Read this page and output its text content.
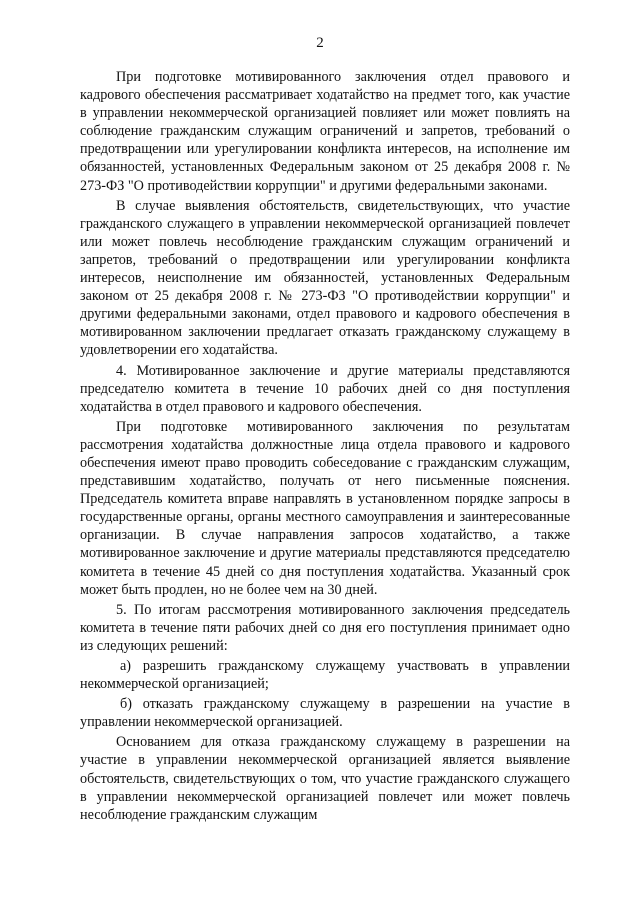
2

При подготовке мотивированного заключения отдел правового и кадрового обеспечения рассматривает ходатайство на предмет того, как участие в управлении некоммерческой организацией повлияет или может повлиять на соблюдение гражданским служащим ограничений и запретов, требований о предотвращении или урегулировании конфликта интересов, на исполнение им обязанностей, установленных Федеральным законом от 25 декабря 2008 г. № 273-ФЗ "О противодействии коррупции" и другими федеральными законами.

В случае выявления обстоятельств, свидетельствующих, что участие гражданского служащего в управлении некоммерческой организацией повлечет или может повлечь несоблюдение гражданским служащим ограничений и запретов, требований о предотвращении или урегулировании конфликта интересов, неисполнение им обязанностей, установленных Федеральным законом от 25 декабря 2008 г. № 273-ФЗ "О противодействии коррупции" и другими федеральными законами, отдел правового и кадрового обеспечения в мотивированном заключении предлагает отказать гражданскому служащему в удовлетворении его ходатайства.

4. Мотивированное заключение и другие материалы представляются председателю комитета в течение 10 рабочих дней со дня поступления ходатайства в отдел правового и кадрового обеспечения.

При подготовке мотивированного заключения по результатам рассмотрения ходатайства должностные лица отдела правового и кадрового обеспечения имеют право проводить собеседование с гражданским служащим, представившим ходатайство, получать от него письменные пояснения. Председатель комитета вправе направлять в установленном порядке запросы в государственные органы, органы местного самоуправления и заинтересованные организации. В случае направления запросов ходатайство, а также мотивированное заключение и другие материалы представляются председателю комитета в течение 45 дней со дня поступления ходатайства. Указанный срок может быть продлен, но не более чем на 30 дней.

5. По итогам рассмотрения мотивированного заключения председатель комитета в течение пяти рабочих дней со дня его поступления принимает одно из следующих решений:

а) разрешить гражданскому служащему участвовать в управлении некоммерческой организацией;

б) отказать гражданскому служащему в разрешении на участие в управлении некоммерческой организацией.

Основанием для отказа гражданскому служащему в разрешении на участие в управлении некоммерческой организацией является выявление обстоятельств, свидетельствующих о том, что участие гражданского служащего в управлении некоммерческой организацией повлечет или может повлечь несоблюдение гражданским служащим
